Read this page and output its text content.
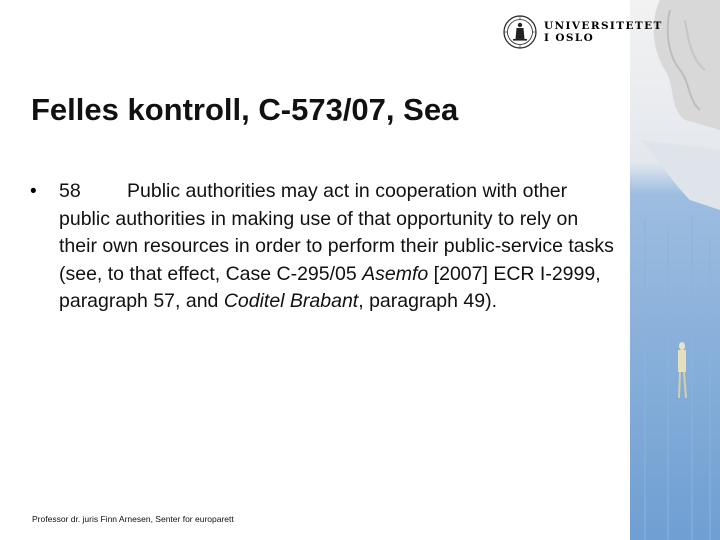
UNIVERSITETET
I OSLO
Felles kontroll, C-573/07, Sea
• 58 Public authorities may act in cooperation with other public authorities in making use of that opportunity to rely on their own resources in order to perform their public-service tasks (see, to that effect, Case C‑295/05 Asemfo [2007] ECR I‑2999, paragraph 57, and Coditel Brabant, paragraph 49).
Professor dr. juris Finn Arnesen, Senter for europarett
